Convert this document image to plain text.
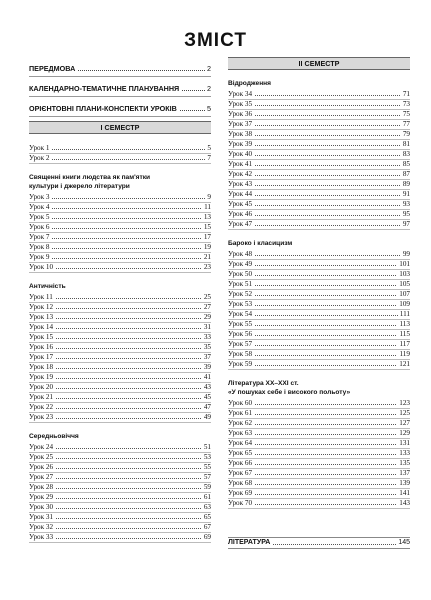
ЗМІСТ
ПЕРЕДМОВА	2
КАЛЕНДАРНО-ТЕМАТИЧНЕ ПЛАНУВАННЯ	2
ОРІЄНТОВНІ ПЛАНИ-КОНСПЕКТИ УРОКІВ	5
I СЕМЕСТР
Урок 1	5
Урок 2	7
Священні книги людства як пам'ятки
культури і джерело літератури
Урок 3	9
Урок 4	11
Урок 5	13
Урок 6	15
Урок 7	17
Урок 8	19
Урок 9	21
Урок 10	23
Античність
Урок 11	25
Урок 12	27
Урок 13	29
Урок 14	31
Урок 15	33
Урок 16	35
Урок 17	37
Урок 18	39
Урок 19	41
Урок 20	43
Урок 21	45
Урок 22	47
Урок 23	49
Середньовіччя
Урок 24	51
Урок 25	53
Урок 26	55
Урок 27	57
Урок 28	59
Урок 29	61
Урок 30	63
Урок 31	65
Урок 32	67
Урок 33	69
II СЕМЕСТР
Відродження
Урок 34	71
Урок 35	73
Урок 36	75
Урок 37	77
Урок 38	79
Урок 39	81
Урок 40	83
Урок 41	85
Урок 42	87
Урок 43	89
Урок 44	91
Урок 45	93
Урок 46	95
Урок 47	97
Бароко і класицизм
Урок 48	99
Урок 49	101
Урок 50	103
Урок 51	105
Урок 52	107
Урок 53	109
Урок 54	111
Урок 55	113
Урок 56	115
Урок 57	117
Урок 58	119
Урок 59	121
Література ХХ–ХХІ ст.
«У пошуках себе і високого польоту»
Урок 60	123
Урок 61	125
Урок 62	127
Урок 63	129
Урок 64	131
Урок 65	133
Урок 66	135
Урок 67	137
Урок 68	139
Урок 69	141
Урок 70	143
ЛІТЕРАТУРА	145
